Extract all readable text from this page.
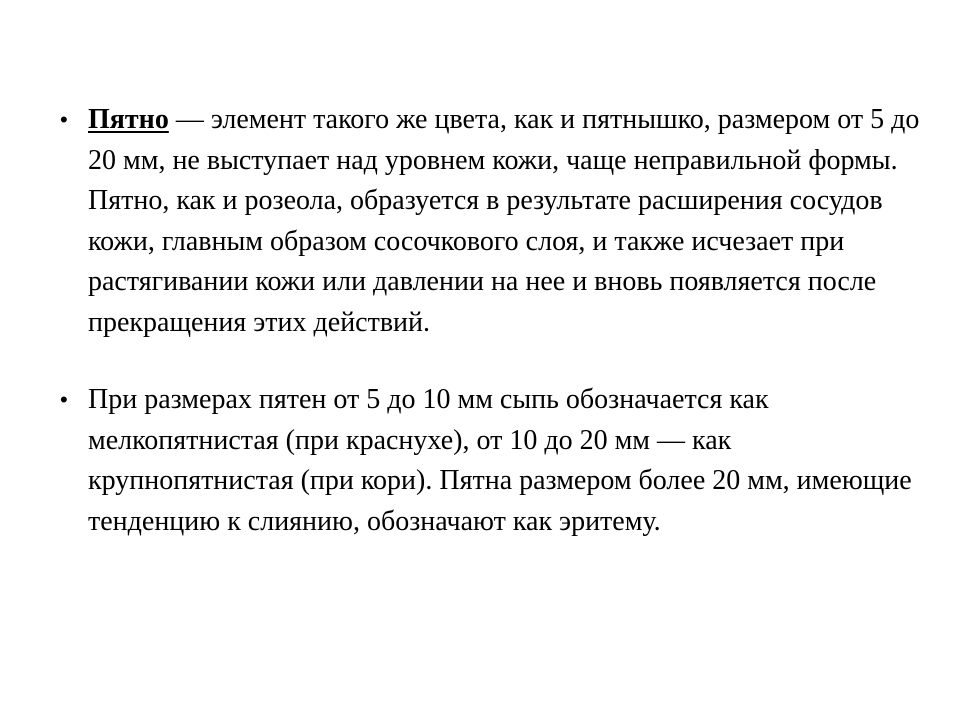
• Пятно — элемент такого же цвета, как и пятнышко, размером от 5 до 20 мм, не выступает над уровнем кожи, чаще неправильной формы. Пятно, как и розеола, образуется в результате расширения сосудов кожи, главным образом сосочкового слоя, и также исчезает при растягивании кожи или давлении на нее и вновь появляется после прекращения этих действий.
• При размерах пятен от 5 до 10 мм сыпь обозначается как мелкопятнистая (при краснухе), от 10 до 20 мм — как крупнопятнистая (при кори). Пятна размером более 20 мм, имеющие тенденцию к слиянию, обозначают как эритему.
